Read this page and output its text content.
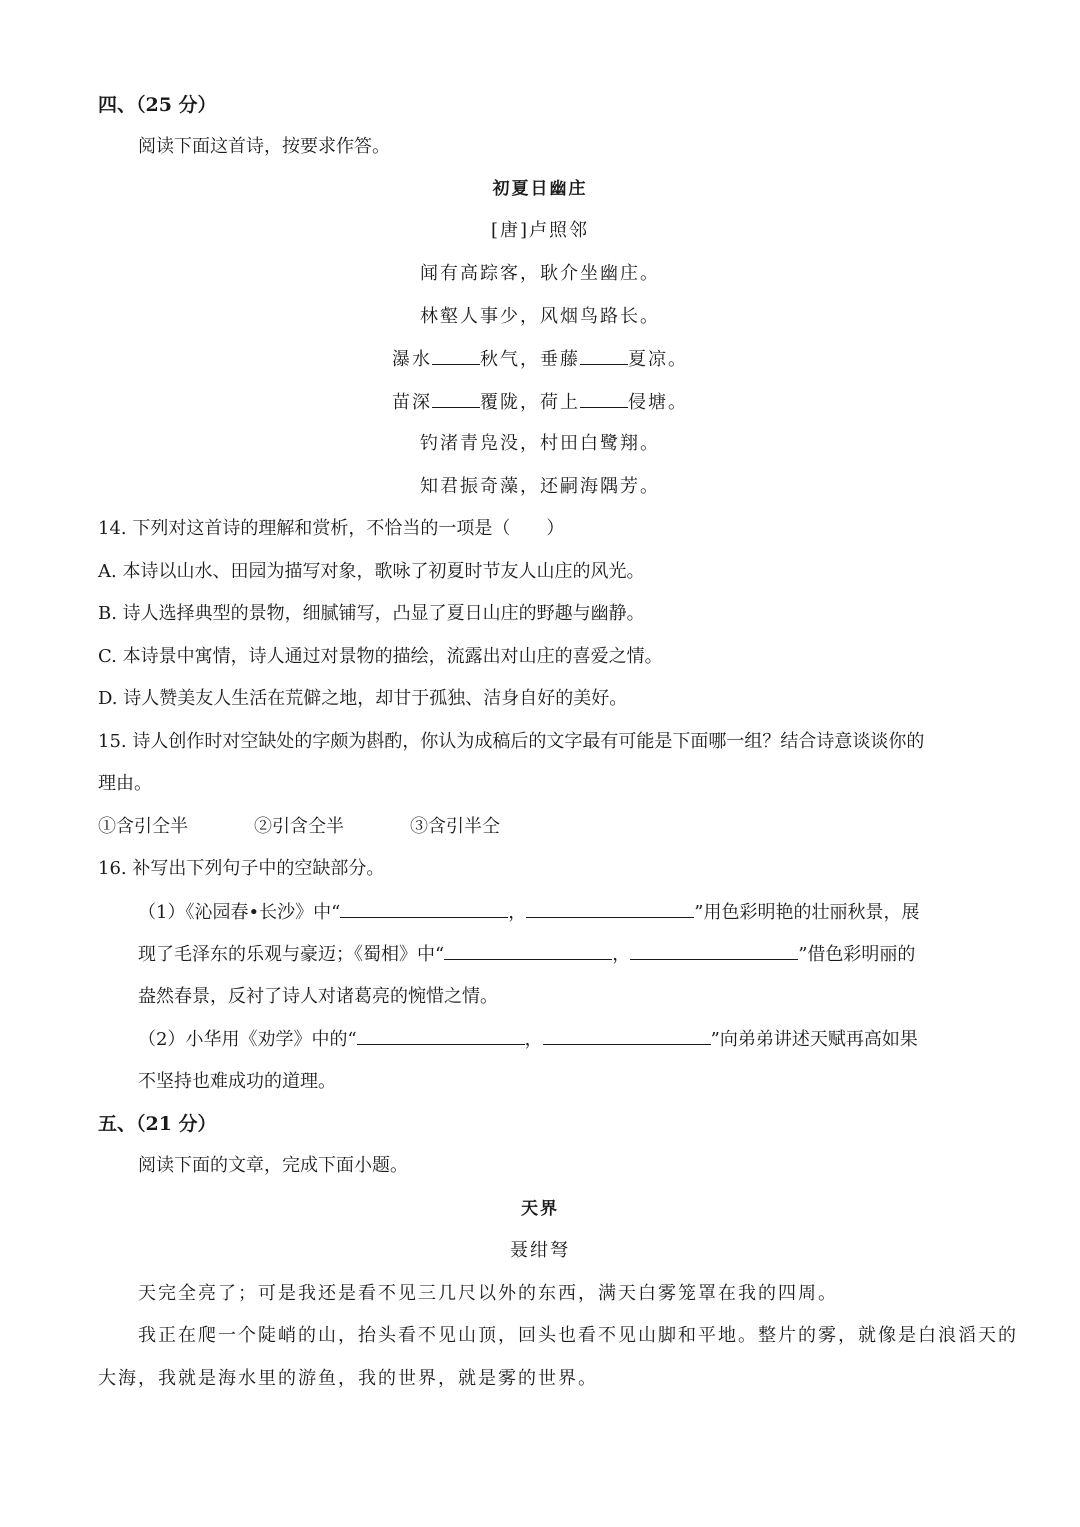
四、（25 分）
阅读下面这首诗，按要求作答。
初夏日幽庄
[唐]卢照邻
闻有高踪客，耿介坐幽庄。
林壑人事少，风烟鸟路长。
瀑水	秋气，垂藤	夏凉。
苗深	覆陇，荷上	侵塘。
钓渚青凫没，村田白鹭翔。
知君振奇藻，还嗣海隅芳。
14. 下列对这首诗的理解和赏析，不恰当的一项是（　　）
A. 本诗以山水、田园为描写对象，歌咏了初夏时节友人山庄的风光。
B. 诗人选择典型的景物，细腻铺写，凸显了夏日山庄的野趣与幽静。
C. 本诗景中寓情，诗人通过对景物的描绘，流露出对山庄的喜爱之情。
D. 诗人赞美友人生活在荒僻之地，却甘于孤独、洁身自好的美好。
15. 诗人创作时对空缺处的字颇为斟酌，你认为成稿后的文字最有可能是下面哪一组？结合诗意谈谈你的
理由。
①含引仝半	②引含仝半	③含引半仝
16. 补写出下列句子中的空缺部分。
（1）《沁园春•长沙》中“	，	”用色彩明艳的壮丽秋景，展
现了毛泽东的乐观与豪迈；《蜀相》中“	，	”借色彩明丽的
盎然春景，反衬了诗人对诸葛亮的惋惜之情。
（2）小华用《劝学》中的“	，	”向弟弟讲述天赋再高如果
不坚持也难成功的道理。
五、（21 分）
阅读下面的文章，完成下面小题。
天界
聂绀弩
天完全亮了；可是我还是看不见三几尺以外的东西，满天白雾笼罩在我的四周。
我正在爬一个陡峭的山，抬头看不见山顶，回头也看不见山脚和平地。整片的雾，就像是白浪滔天的
大海，我就是海水里的游鱼，我的世界，就是雾的世界。
